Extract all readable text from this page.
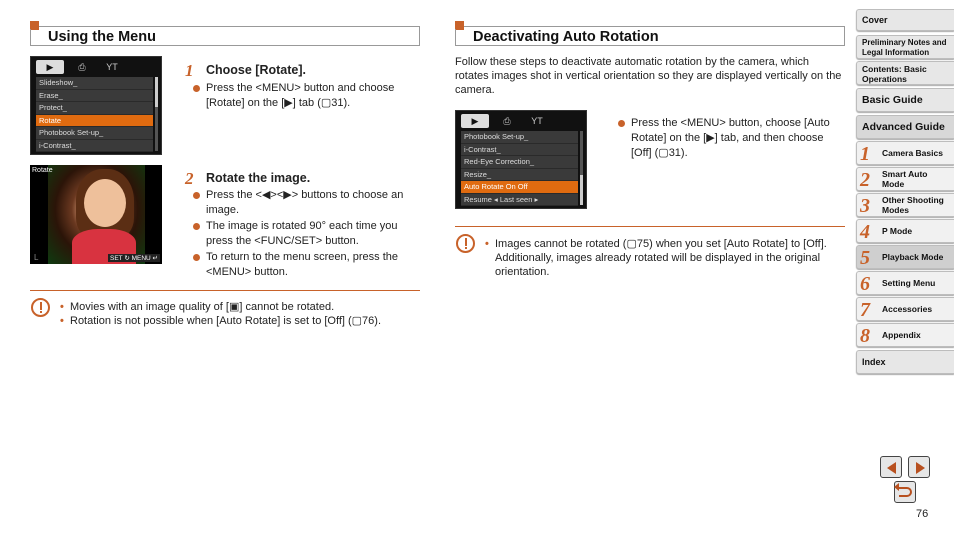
Using the Menu
▶	⎙	YT
Slideshow_
Erase_
Protect_
Rotate
Photobook Set-up_
i-Contrast_
1 Choose [Rotate].
Press the <MENU> button and choose [Rotate] on the [▶] tab (▢31).
Rotate
SET ↻ MENU ↵
L
2 Rotate the image.
Press the <◀><▶> buttons to choose an image.
The image is rotated 90° each time you press the <FUNC/SET> button.
To return to the menu screen, press the <MENU> button.
• Movies with an image quality of [▣] cannot be rotated.
• Rotation is not possible when [Auto Rotate] is set to [Off] (▢76).
Deactivating Auto Rotation
Follow these steps to deactivate automatic rotation by the camera, which rotates images shot in vertical orientation so they are displayed vertically on the camera.
▶	⎙	YT
Photobook Set-up_
i-Contrast_
Red-Eye Correction_
Resize_
Auto Rotate On Off
Resume ◂ Last seen ▸
Press the <MENU> button, choose [Auto Rotate] on the [▶] tab, and then choose [Off] (▢31).
• Images cannot be rotated (▢75) when you set [Auto Rotate] to [Off]. Additionally, images already rotated will be displayed in the original orientation.
Cover
Preliminary Notes and Legal Information
Contents: Basic Operations
Basic Guide
Advanced Guide
1 Camera Basics
2 Smart Auto Mode
3 Other Shooting Modes
4 P Mode
5 Playback Mode
6 Setting Menu
7 Accessories
8 Appendix
Index
76
